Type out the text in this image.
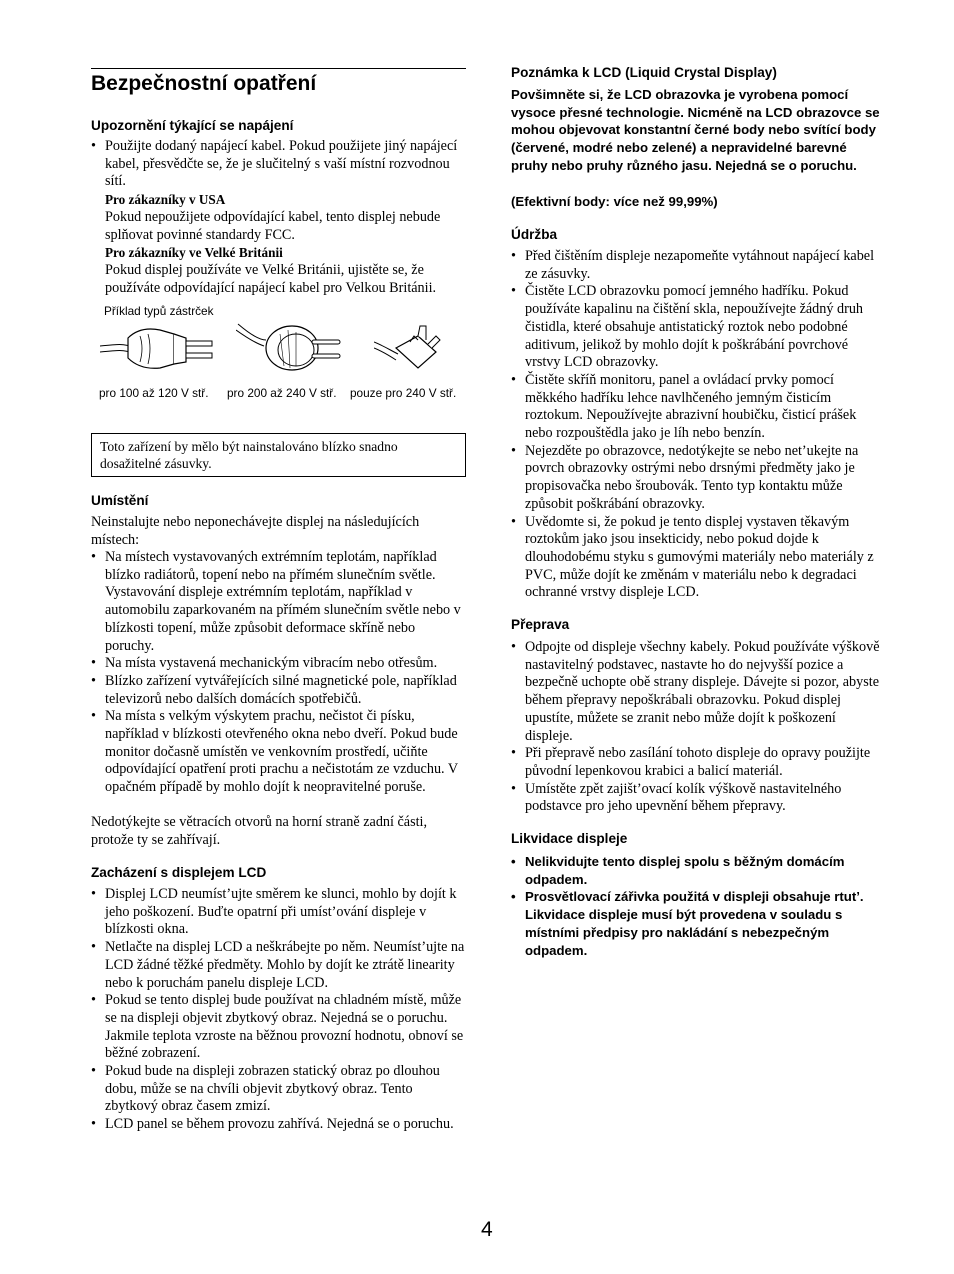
Bezpečnostní opatření
Upozornění týkající se napájení
• Použijte dodaný napájecí kabel. Pokud použijete jiný napájecí kabel, přesvědčte se, že je slučitelný s vaší místní rozvodnou sítí.
Pro zákazníky v USA
Pokud nepoužijete odpovídající kabel, tento displej nebude splňovat povinné standardy FCC.
Pro zákazníky ve Velké Británii
Pokud displej používáte ve Velké Británii, ujistěte se, že používáte odpovídající napájecí kabel pro Velkou Británii.
Příklad typů zástrček
pro 100 až 120 V stř. pro 200 až 240 V stř. pouze pro 240 V stř.
Toto zařízení by mělo být nainstalováno blízko snadno dosažitelné zásuvky.
Umístění

Neinstalujte nebo neponechávejte displej na následujících místech:

• Na místech vystavovaných extrémním teplotám, například blízko radiátorů, topení nebo na přímém slunečním světle. Vystavování displeje extrémním teplotám, například v automobilu zaparkovaném na přímém slunečním světle nebo v blízkosti topení, může způsobit deformace skříně nebo poruchy.
• Na místa vystavená mechanickým vibracím nebo otřesům.
• Blízko zařízení vytvářejících silné magnetické pole, například televizorů nebo dalších domácích spotřebičů.
• Na místa s velkým výskytem prachu, nečistot či písku, například v blízkosti otevřeného okna nebo dveří. Pokud bude monitor dočasně umístěn ve venkovním prostředí, učiňte odpovídající opatření proti prachu a nečistotám ze vzduchu. V opačném případě by mohlo dojít k neopravitelné poruše.

Nedotýkejte se větracích otvorů na horní straně zadní části, protože ty se zahřívají.

Zacházení s displejem LCD
• Displej LCD neumíst’ujte směrem ke slunci, mohlo by dojít k jeho poškození. Buďte opatrní při umíst’ování displeje v blízkosti okna.
• Netlačte na displej LCD a neškrábejte po něm. Neumíst’ujte na LCD žádné těžké předměty. Mohlo by dojít ke ztrátě linearity nebo k poruchám panelu displeje LCD.
• Pokud se tento displej bude používat na chladném místě, může se na displeji objevit zbytkový obraz. Nejedná se o poruchu. Jakmile teplota vzroste na běžnou provozní hodnotu, obnoví se běžné zobrazení.
• Pokud bude na displeji zobrazen statický obraz po dlouhou dobu, může se na chvíli objevit zbytkový obraz. Tento zbytkový obraz časem zmizí.
• LCD panel se během provozu zahřívá. Nejedná se o poruchu.
Poznámka k LCD (Liquid Crystal Display)

Povšimněte si, že LCD obrazovka je vyrobena pomocí vysoce přesné technologie. Nicméně na LCD obrazovce se mohou objevovat konstantní černé body nebo svítící body (červené, modré nebo zelené) a nepravidelné barevné pruhy nebo pruhy různého jasu. Nejedná se o poruchu.

(Efektivní body: více než 99,99%)

Údržba
• Před čištěním displeje nezapomeňte vytáhnout napájecí kabel ze zásuvky.
• Čistěte LCD obrazovku pomocí jemného hadříku. Pokud používáte kapalinu na čištění skla, nepoužívejte žádný druh čistidla, které obsahuje antistatický roztok nebo podobné aditivum, jelikož by mohlo dojít k poškrábání povrchové vrstvy LCD obrazovky.
• Čistěte skříň monitoru, panel a ovládací prvky pomocí měkkého hadříku lehce navlhčeného jemným čisticím roztokum. Nepoužívejte abrazivní houbičku, čisticí prášek nebo rozpouštědla jako je líh nebo benzín.
• Nejezděte po obrazovce, nedotýkejte se nebo net’ukejte na povrch obrazovky ostrými nebo drsnými předměty jako je propisovačka nebo šroubovák. Tento typ kontaktu může způsobit poškrábání obrazovky.
• Uvědomte si, že pokud je tento displej vystaven těkavým roztokům jako jsou insekticidy, nebo pokud dojde k dlouhodobému styku s gumovými materiály nebo materiály z PVC, může dojít ke změnám v materiálu nebo k degradaci ochranné vrstvy displeje LCD.
Přeprava
• Odpojte od displeje všechny kabely. Pokud používáte výškově nastavitelný podstavec, nastavte ho do nejvyšší pozice a bezpečně uchopte obě strany displeje. Dávejte si pozor, abyste během přepravy nepoškrábali obrazovku. Pokud displej upustíte, můžete se zranit nebo může dojít k poškození displeje.
• Při přepravě nebo zasílání tohoto displeje do opravy použijte původní lepenkovou krabici a balicí materiál.
• Umístěte zpět zajišt’ovací kolík výškově nastavitelného podstavce pro jeho upevnění během přepravy.
Likvidace displeje
• Nelikvidujte tento displej spolu s běžným domácím odpadem.
• Prosvětlovací zářivka použitá v displeji obsahuje rtut’. Likvidace displeje musí být provedena v souladu s místními předpisy pro nakládání s nebezpečným odpadem.
4
